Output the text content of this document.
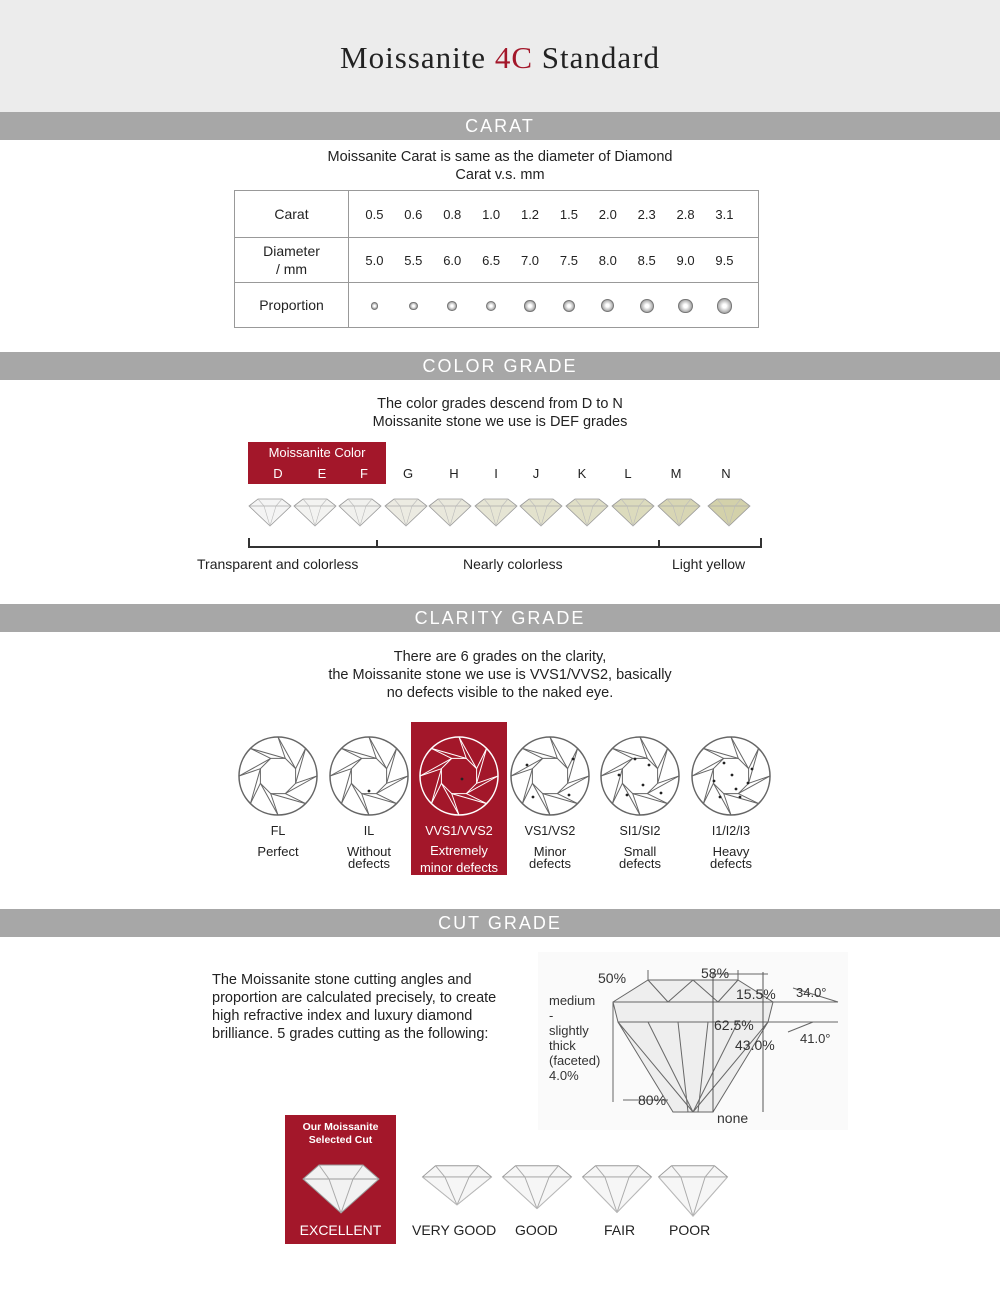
Moissanite 4C Standard
CARAT
Moissanite Carat is same as the diameter of Diamond
Carat v.s. mm
Carat	0.5 0.6 0.8 1.0 1.2 1.5 2.0 2.3 2.8 3.1

Diameter
/ mm	5.0 5.5 6.0 6.5 7.0 7.5 8.0 8.5 9.0 9.5
Proportion	
COLOR GRADE
The color grades descend from D to N
Moissanite stone we use is DEF grades
Moissanite Color
D	E	F	G	H	I	J	K	L	M	N
Transparent and colorless	Nearly colorless	Light yellow
CLARITY GRADE
There are 6 grades on the clarity,
the Moissanite stone we use is VVS1/VVS2, basically
no defects visible to the naked eye.
FL
Perfect
IL
Without
defects
VVS1/VVS2
Extremely
minor defects
VS1/VS2
Minor
defects
SI1/SI2
Small
defects
I1/I2/I3
Heavy
defects
CUT GRADE
The Moissanite stone cutting angles and proportion are calculated precisely, to create high refractive index and luxury diamond brilliance. 5 grades cutting as the following:
50%	58%
15.5% 34.0°
62.5%
43.0% 41.0°
80%
none
medium
-
slightly
thick
(faceted)
4.0%
Our Moissanite
Selected Cut
EXCELLENT	VERY GOOD GOOD	FAIR POOR
